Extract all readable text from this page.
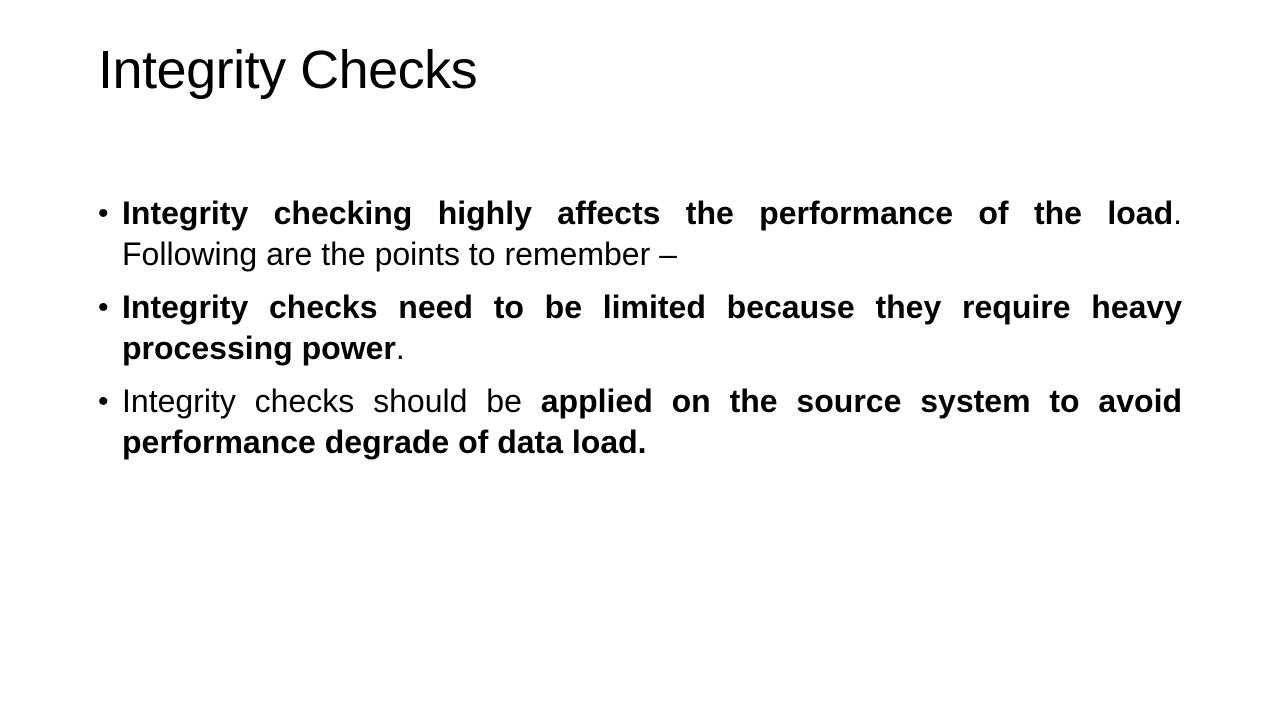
Integrity Checks
• Integrity checking highly affects the performance of the load. Following are the points to remember –
• Integrity checks need to be limited because they require heavy processing power.
• Integrity checks should be applied on the source system to avoid performance degrade of data load.
